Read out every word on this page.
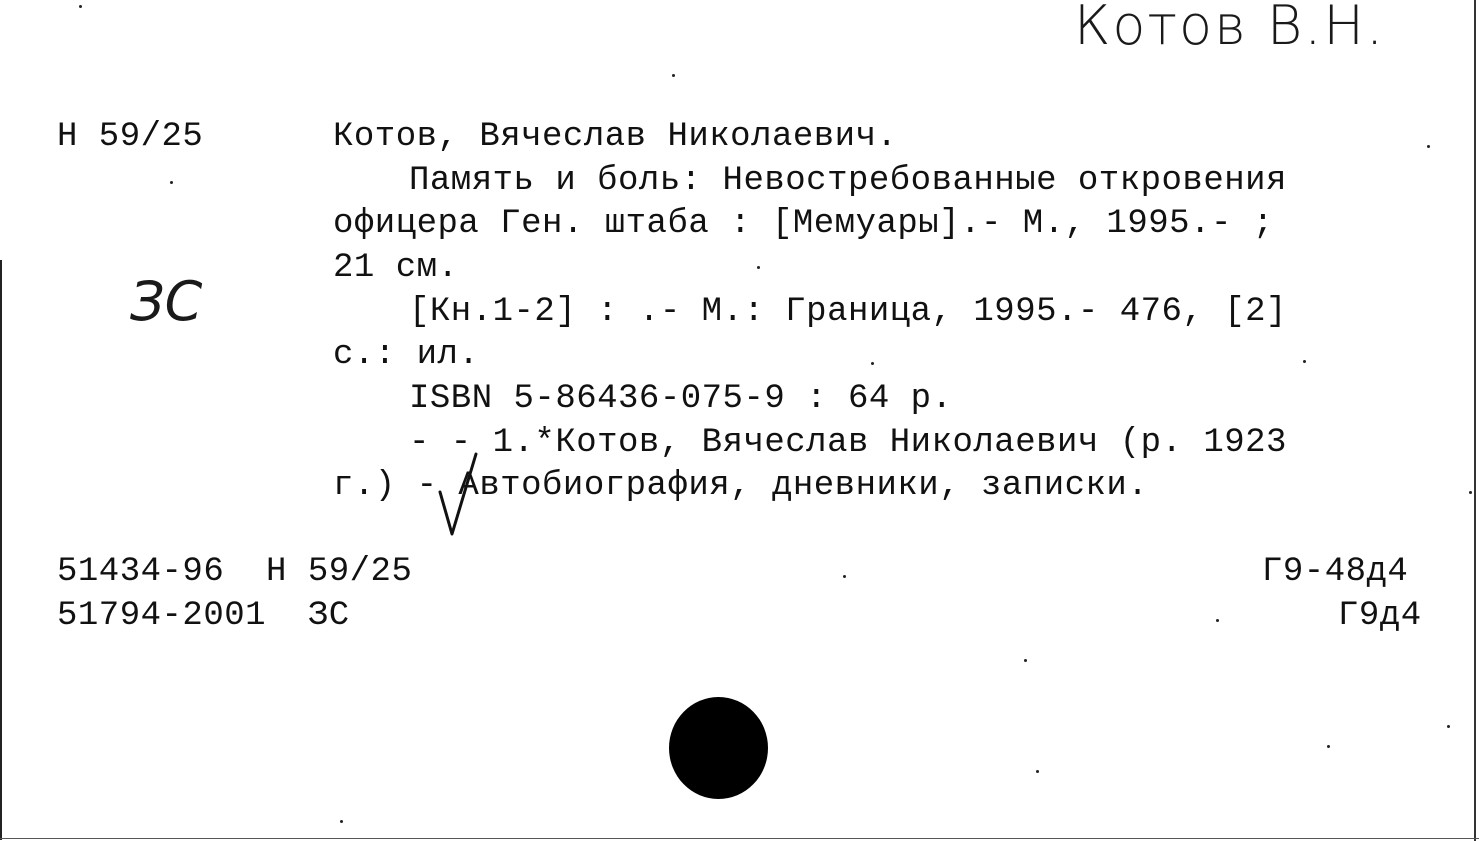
Котов В.Н.
Н 59/25
ЗС
Котов, Вячеслав Николаевич.
Память и боль: Невостребованные откровения
офицера Ген. штаба : [Мемуары].- М., 1995.- ;
21 см.
[Кн.1-2] : .- М.: Граница, 1995.- 476, [2]
с.: ил.
ISBN 5-86436-075-9 : 64 р.
- - 1.*Котов, Вячеслав Николаевич (р. 1923
г.) - Автобиография, дневники, записки.
51434-96  Н 59/25
51794-2001  ЗС
Г9-48д4
Г9д4
